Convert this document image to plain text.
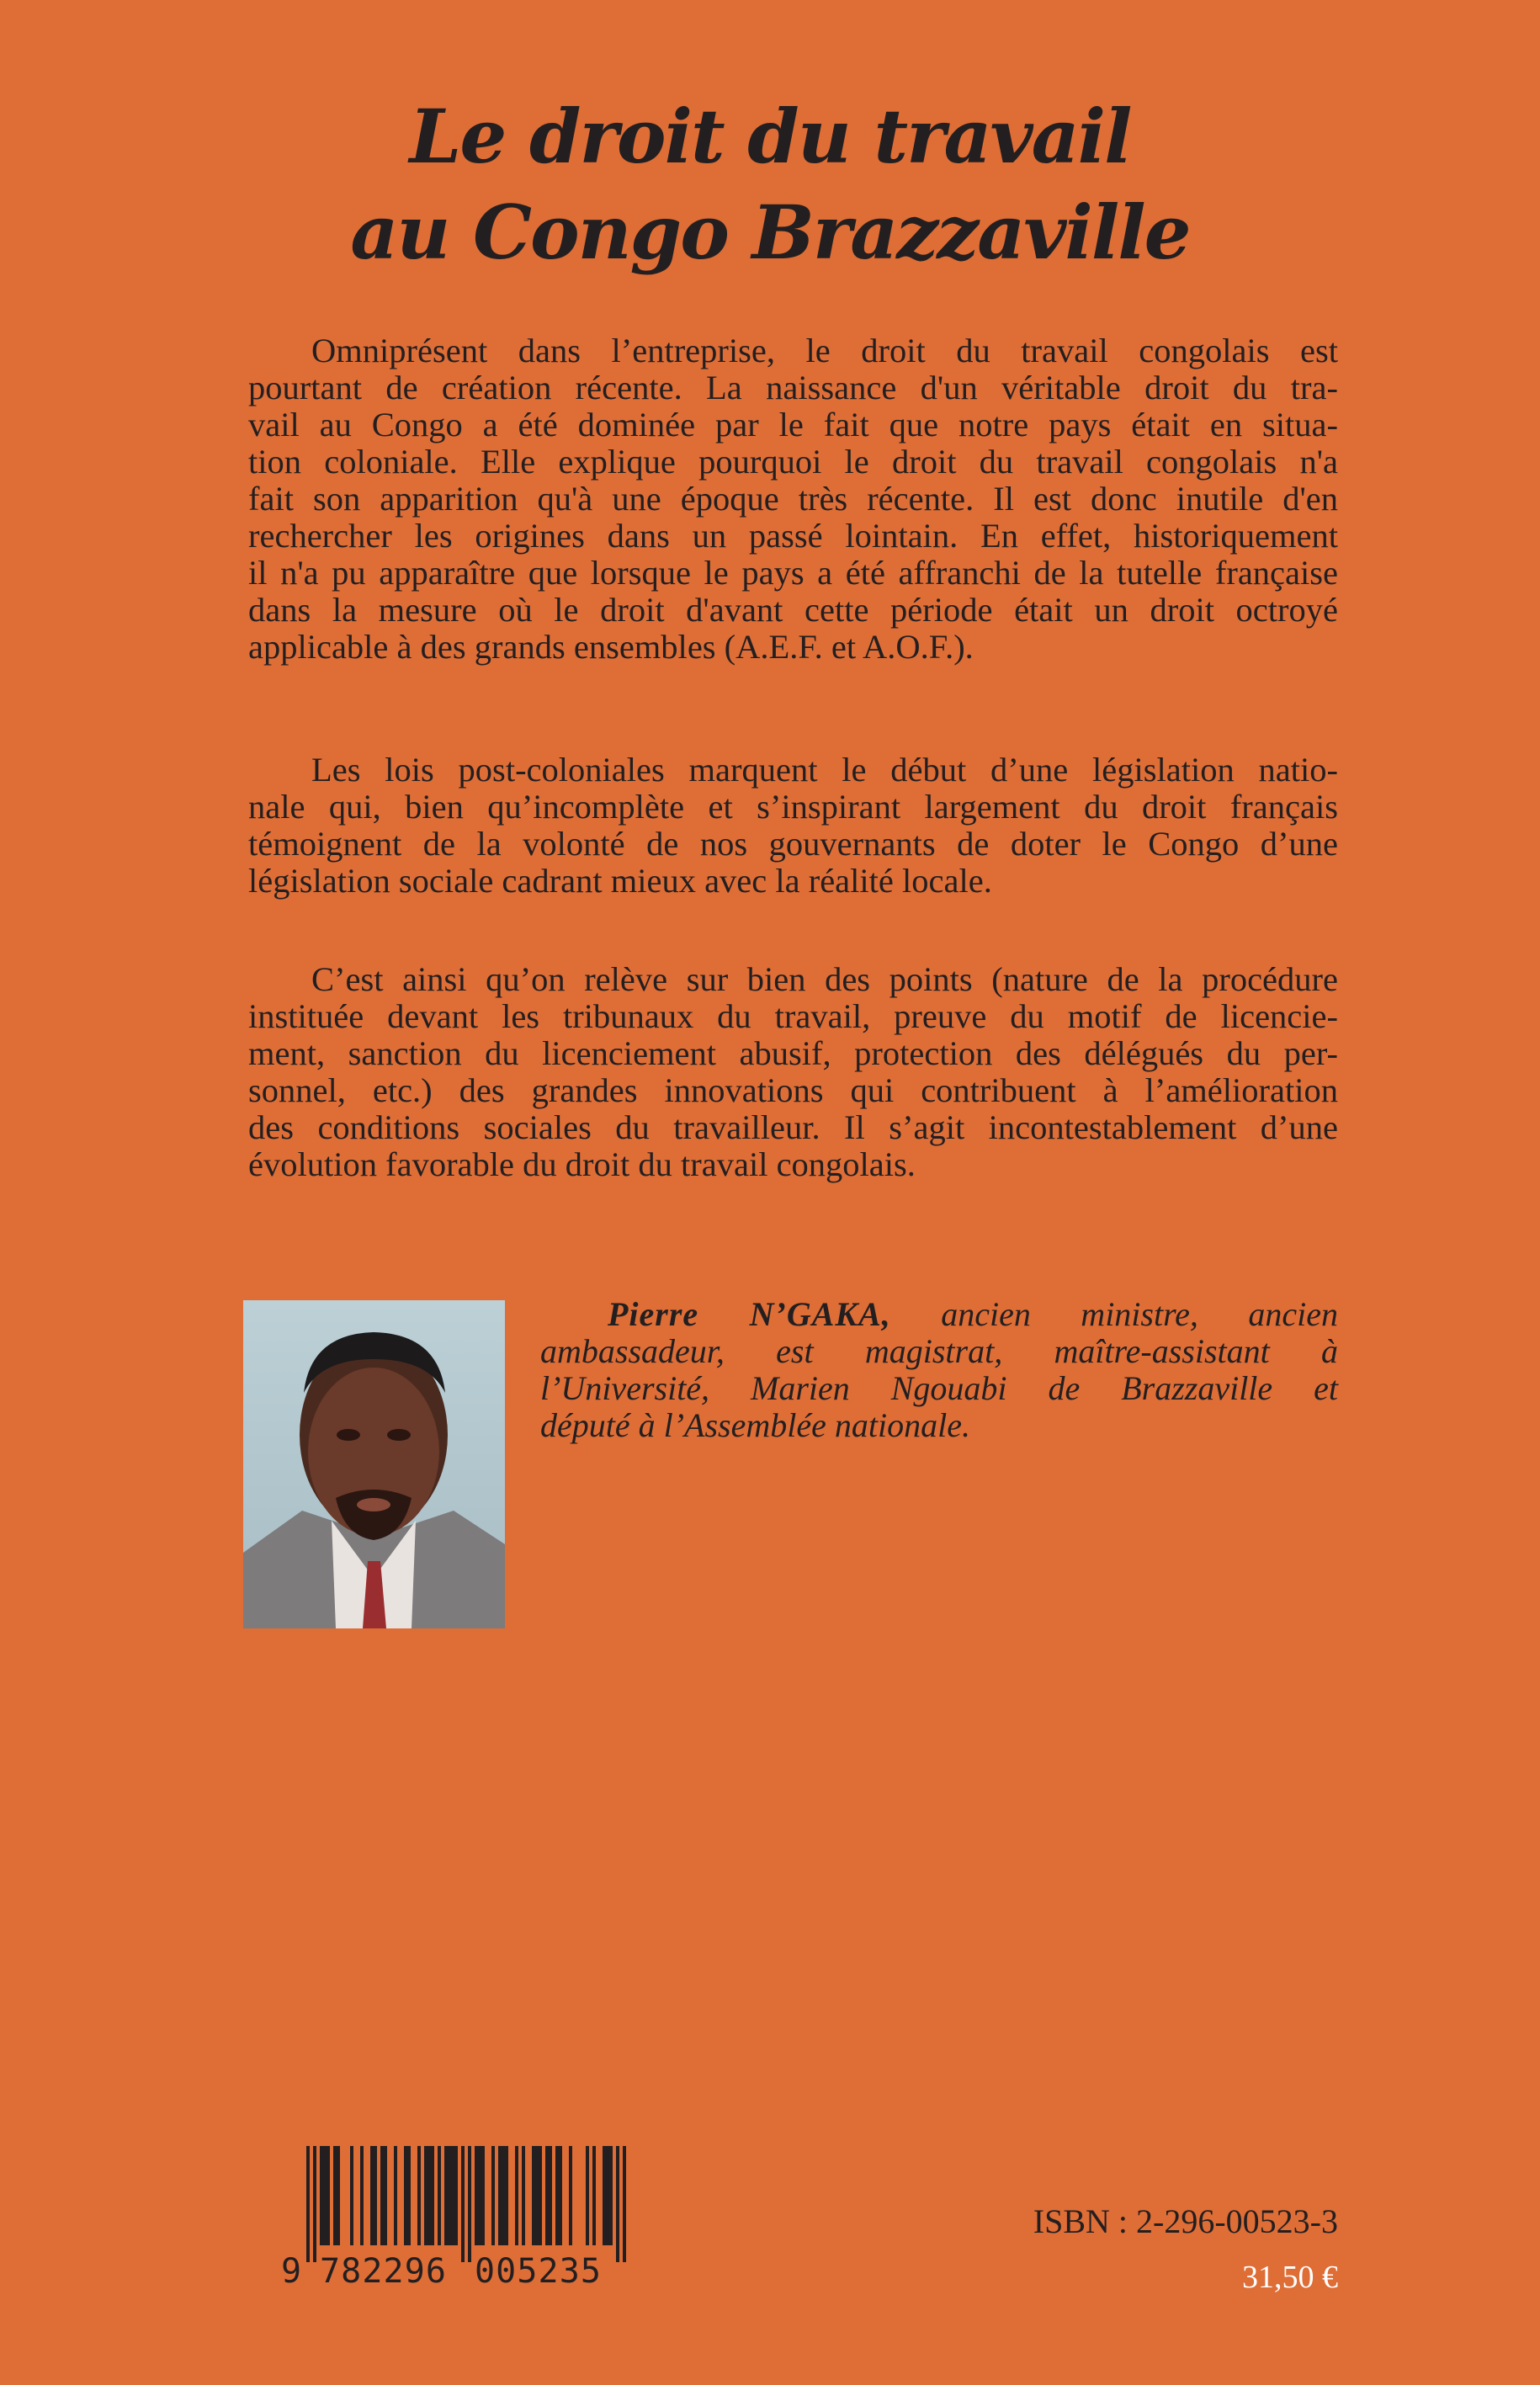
Le droit du travail
au Congo Brazzaville
Omniprésent dans l’entreprise, le droit du travail congolais est
pourtant de création récente. La naissance d'un véritable droit du tra-
vail au Congo a été dominée par le fait que notre pays était en situa-
tion coloniale. Elle explique pourquoi le droit du travail congolais n'a
fait son apparition qu'à une époque très récente. Il est donc inutile d'en
rechercher les origines dans un passé lointain. En effet, historiquement
il n'a pu apparaître que lorsque le pays a été affranchi de la tutelle française
dans la mesure où le droit d'avant cette période était un droit octroyé
applicable à des grands ensembles (A.E.F. et A.O.F.).
Les lois post-coloniales marquent le début d’une législation natio-
nale qui, bien qu’incomplète et s’inspirant largement du droit français
témoignent de la volonté de nos gouvernants de doter le Congo d’une
législation sociale cadrant mieux avec la réalité locale.
C’est ainsi qu’on relève sur bien des points (nature de la procédure
instituée devant les tribunaux du travail, preuve du motif de licencie-
ment, sanction du licenciement abusif, protection des délégués du per-
sonnel, etc.) des grandes innovations qui contribuent à l’amélioration
des conditions sociales du travailleur. Il s’agit incontestablement d’une
évolution favorable du droit du travail congolais.
Pierre N’GAKA, ancien ministre, ancien
ambassadeur, est magistrat, maître-assistant à
l’Université, Marien Ngouabi de Brazzaville et
député à l’Assemblée nationale.
9 782296 005235
ISBN : 2-296-00523-3
31,50 €
